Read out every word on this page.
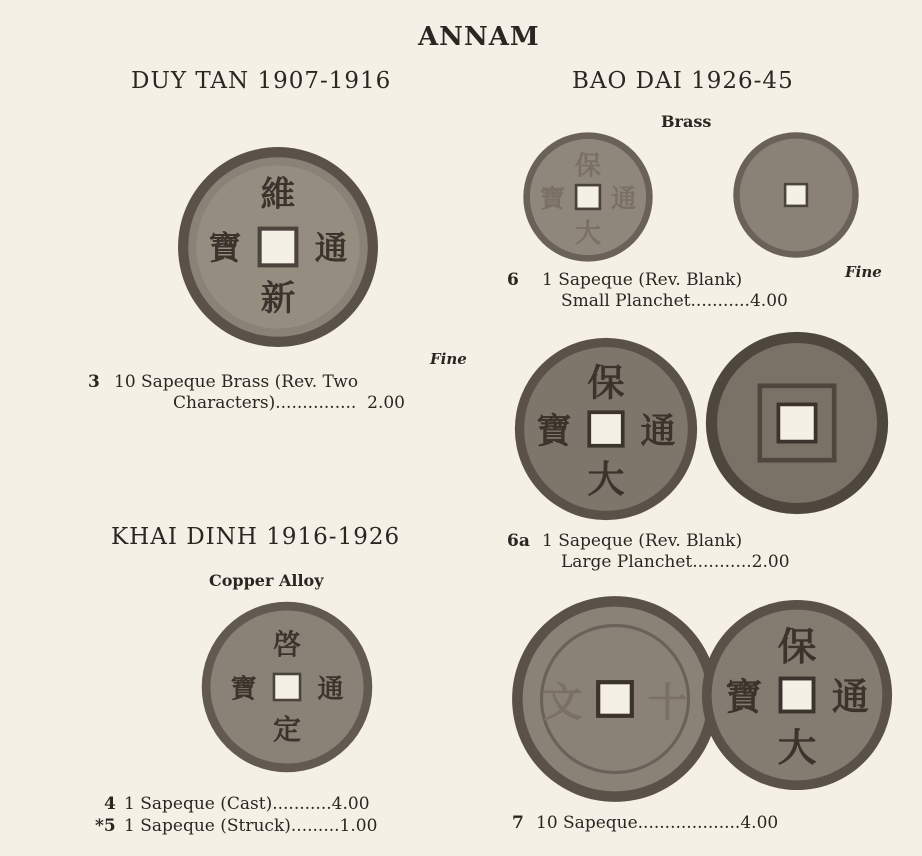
ANNAM
DUY TAN 1907-1916
維
新
寶 通
Fine
3 10 Sapeque Brass (Rev. Two
Characters)............... 2.00
KHAI DINH 1916-1926
Copper Alloy
啓
定
寶 通
4 1 Sapeque (Cast)...........4.00
*5 1 Sapeque (Struck).........1.00
BAO DAI 1926-45
Brass
保
大
寶 通
Fine
6 1 Sapeque (Rev. Blank)
Small Planchet...........4.00
保
大
寶 通
6a 1 Sapeque (Rev. Blank)
Large Planchet...........2.00
文 十
保
大
寶 通
7 10 Sapeque...................4.00
